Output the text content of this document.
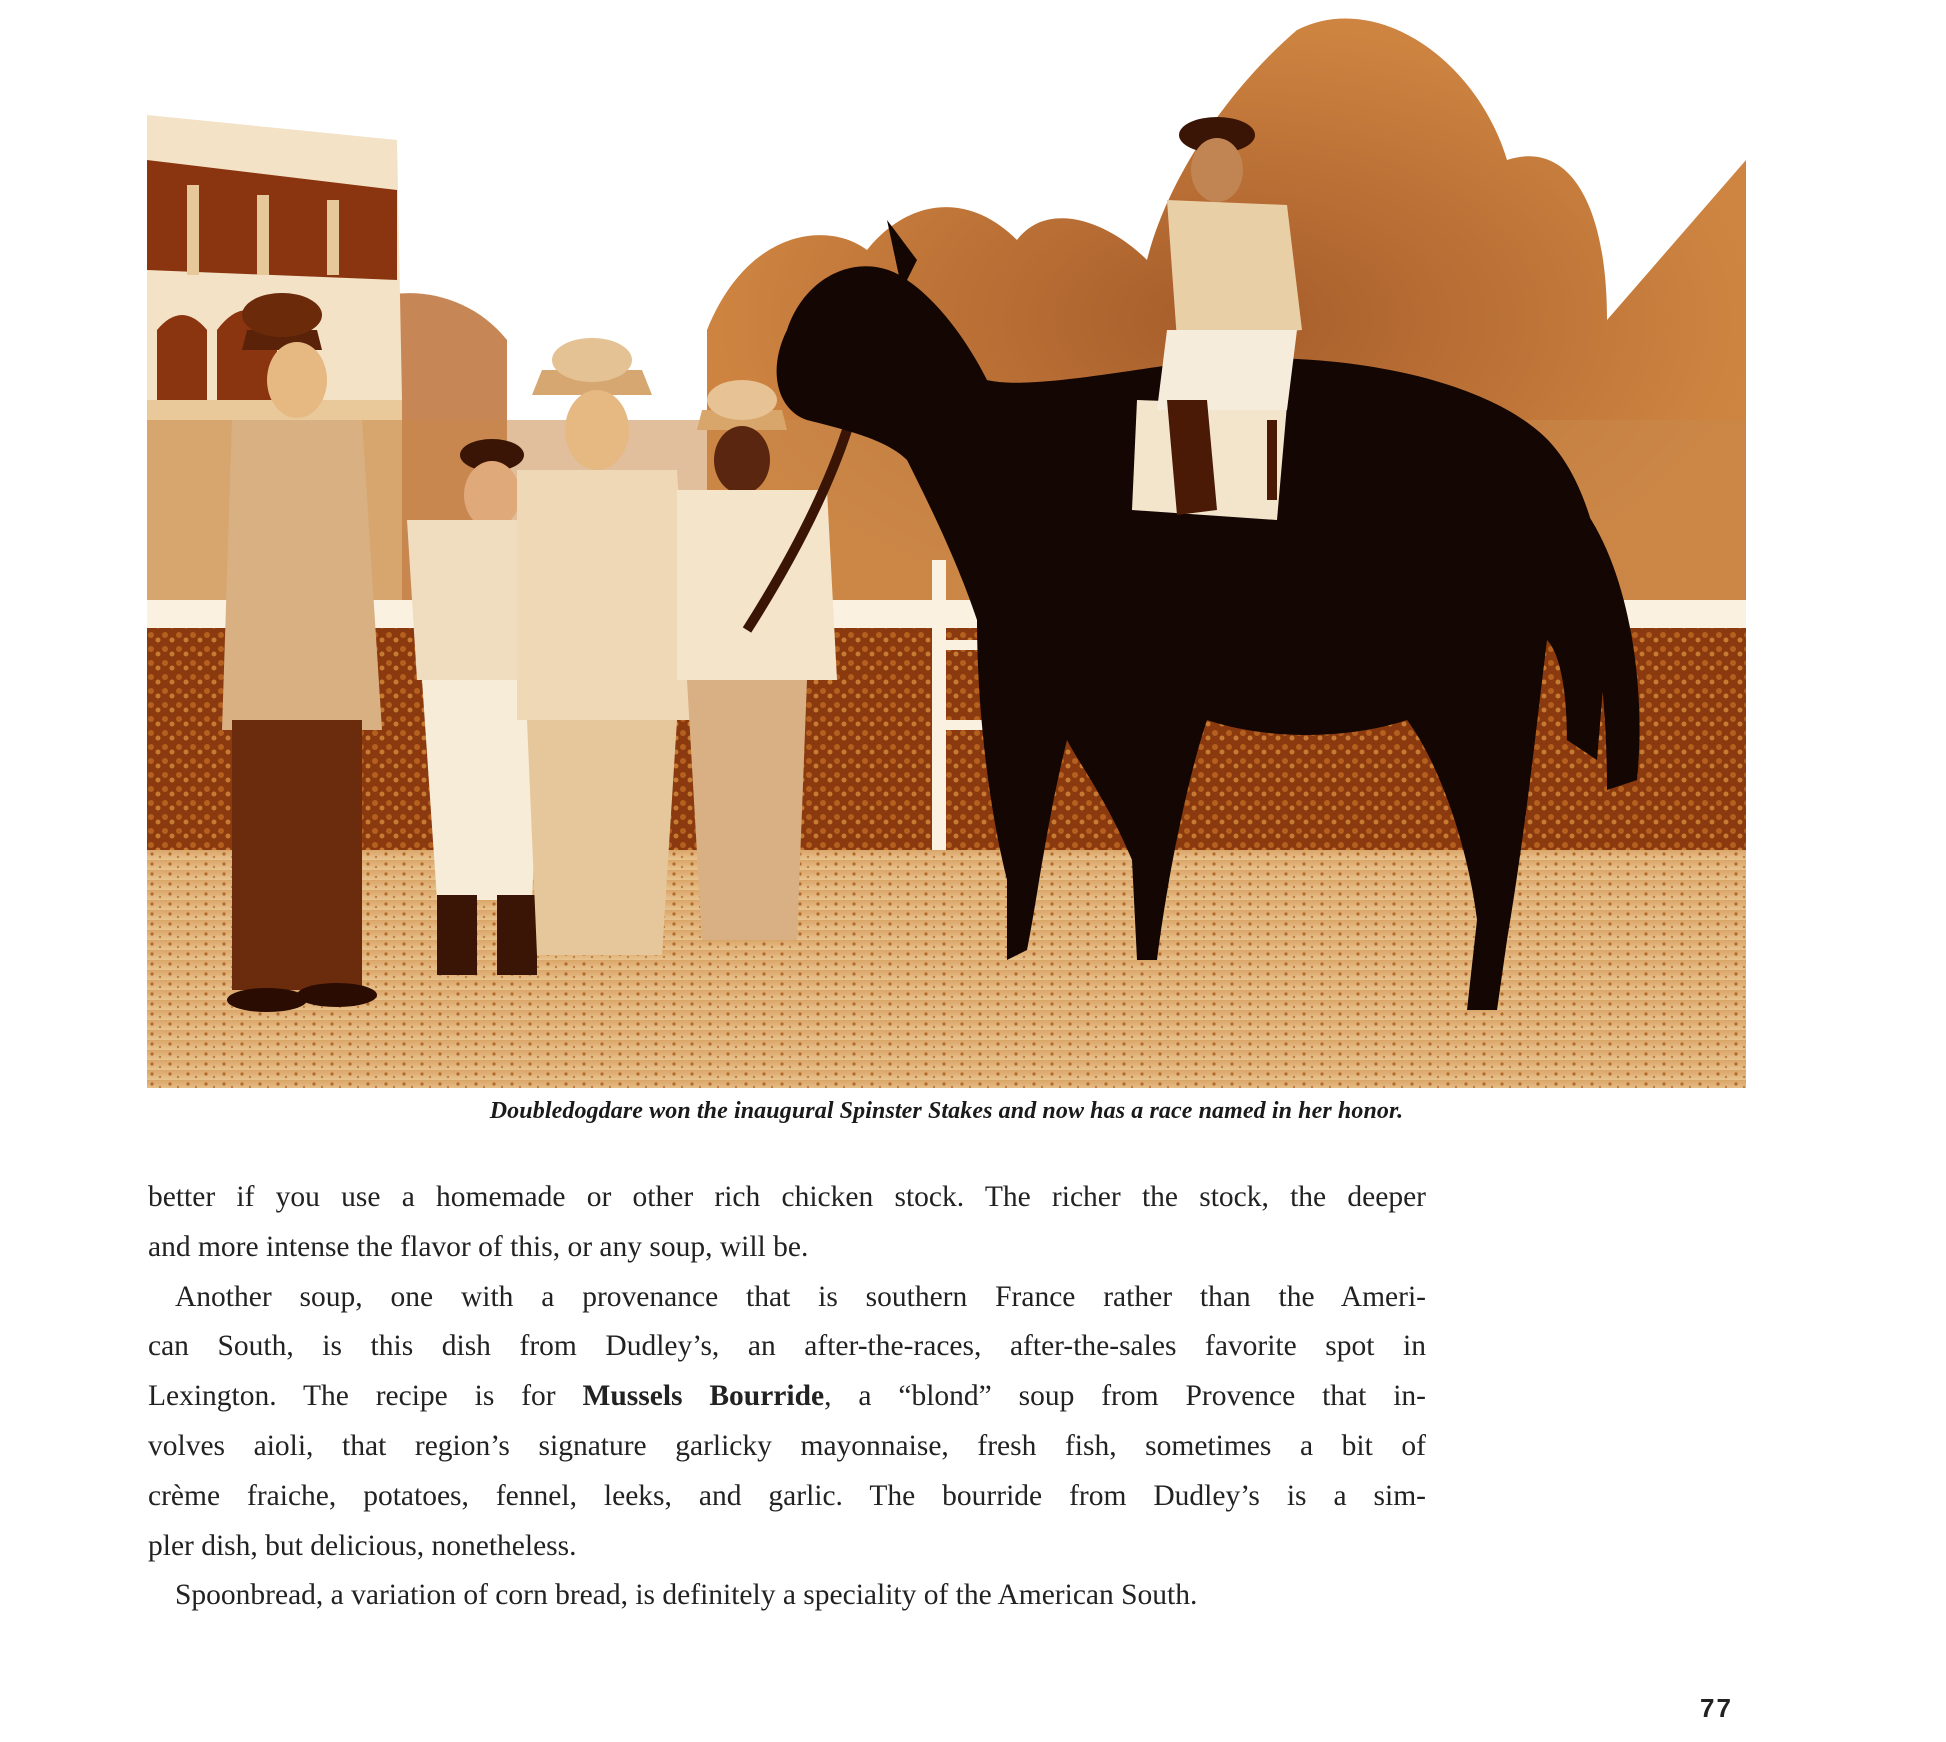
Doubledogdare won the inaugural Spinster Stakes and now has a race named in her honor.

better if you use a homemade or other rich chicken stock. The richer the stock, the deeper
and more intense the flavor of this, or any soup, will be.

Another soup, one with a provenance that is southern France rather than the Ameri-
can South, is this dish from Dudley’s, an after-the-races, after-the-sales favorite spot in
Lexington. The recipe is for Mussels Bourride, a “blond” soup from Provence that in-
volves aioli, that region’s signature garlicky mayonnaise, fresh fish, sometimes a bit of
crème fraiche, potatoes, fennel, leeks, and garlic. The bourride from Dudley’s is a sim-
pler dish, but delicious, nonetheless.

Spoonbread, a variation of corn bread, is definitely a speciality of the American South.

77
